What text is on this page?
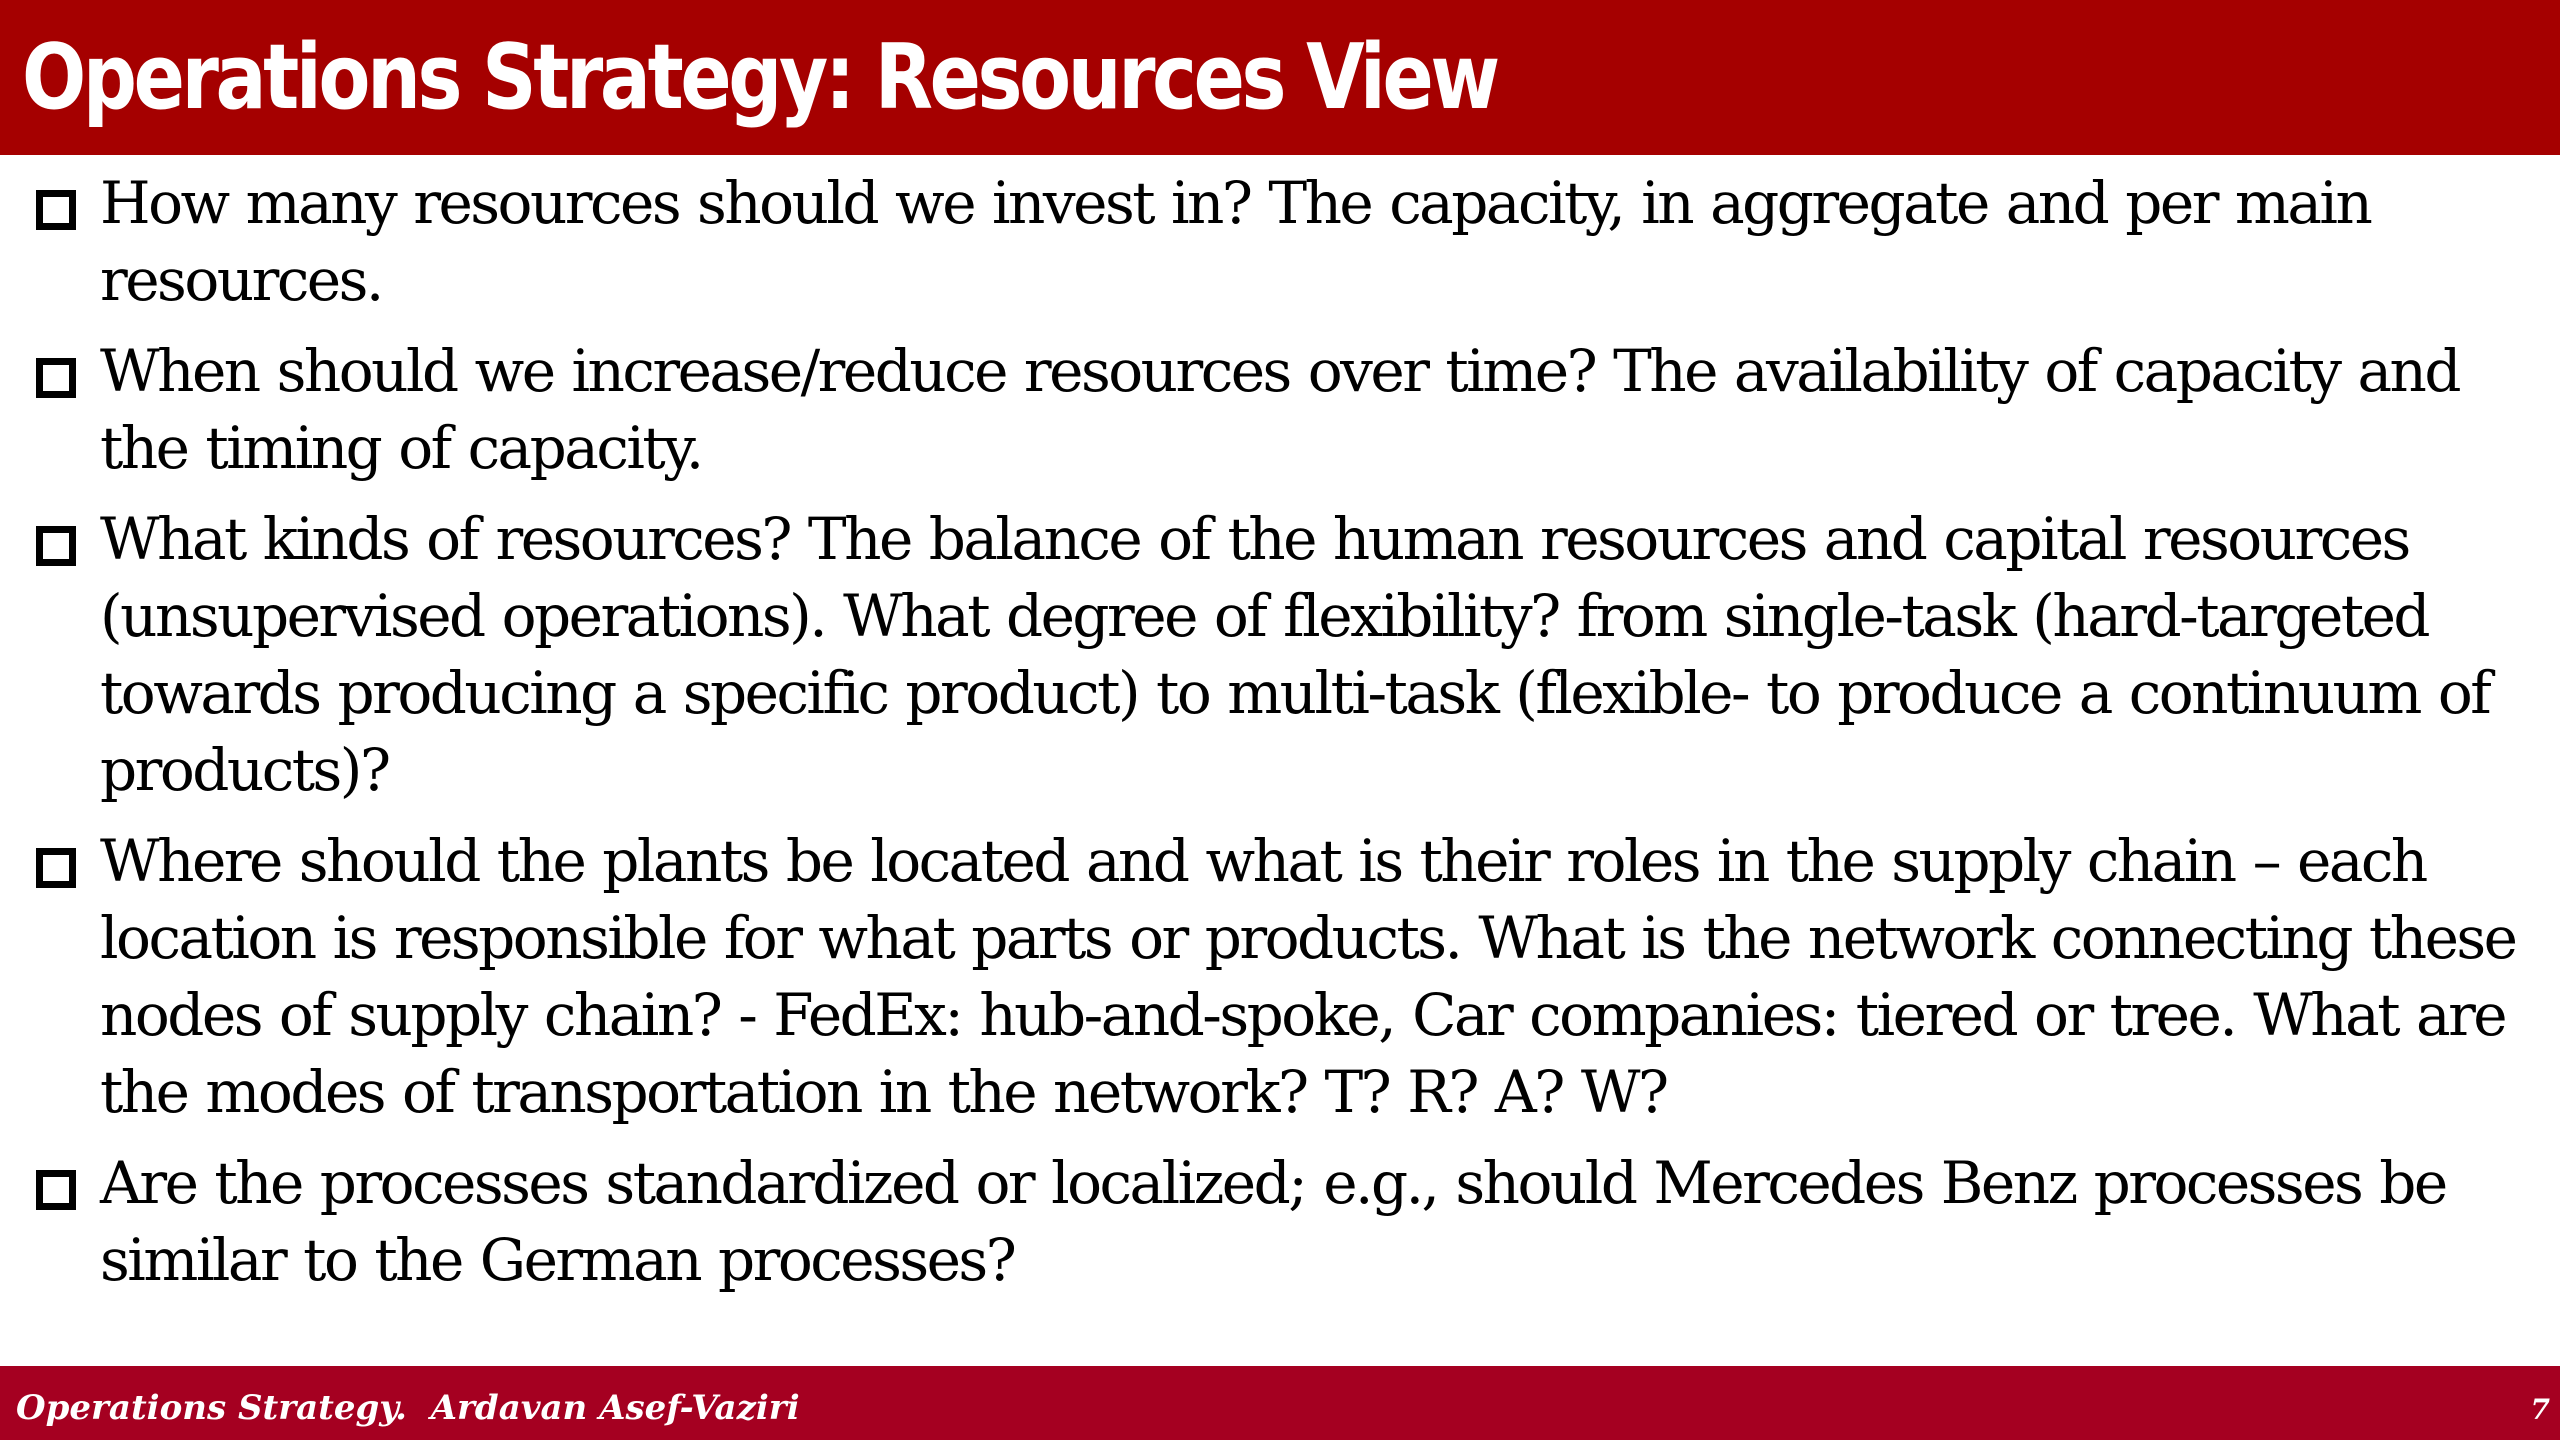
Operations Strategy: Resources View
How many resources should we invest in? The capacity, in aggregate and per main resources.
When should we increase/reduce resources over time? The availability of capacity and the timing of capacity.
What kinds of resources? The balance of the human resources and capital resources (unsupervised operations). What degree of flexibility? from single-task (hard-targeted towards producing a specific product) to multi-task (flexible- to produce a continuum of products)?
Where should the plants be located and what is their roles in the supply chain – each location is responsible for what parts or products. What is the network connecting these nodes of supply chain? - FedEx: hub-and-spoke, Car companies: tiered or tree. What are the modes of transportation in the network? T? R? A? W?
Are the processes standardized or localized; e.g., should Mercedes Benz processes be similar to the German processes?
Operations Strategy.  Ardavan Asef-Vaziri	7
